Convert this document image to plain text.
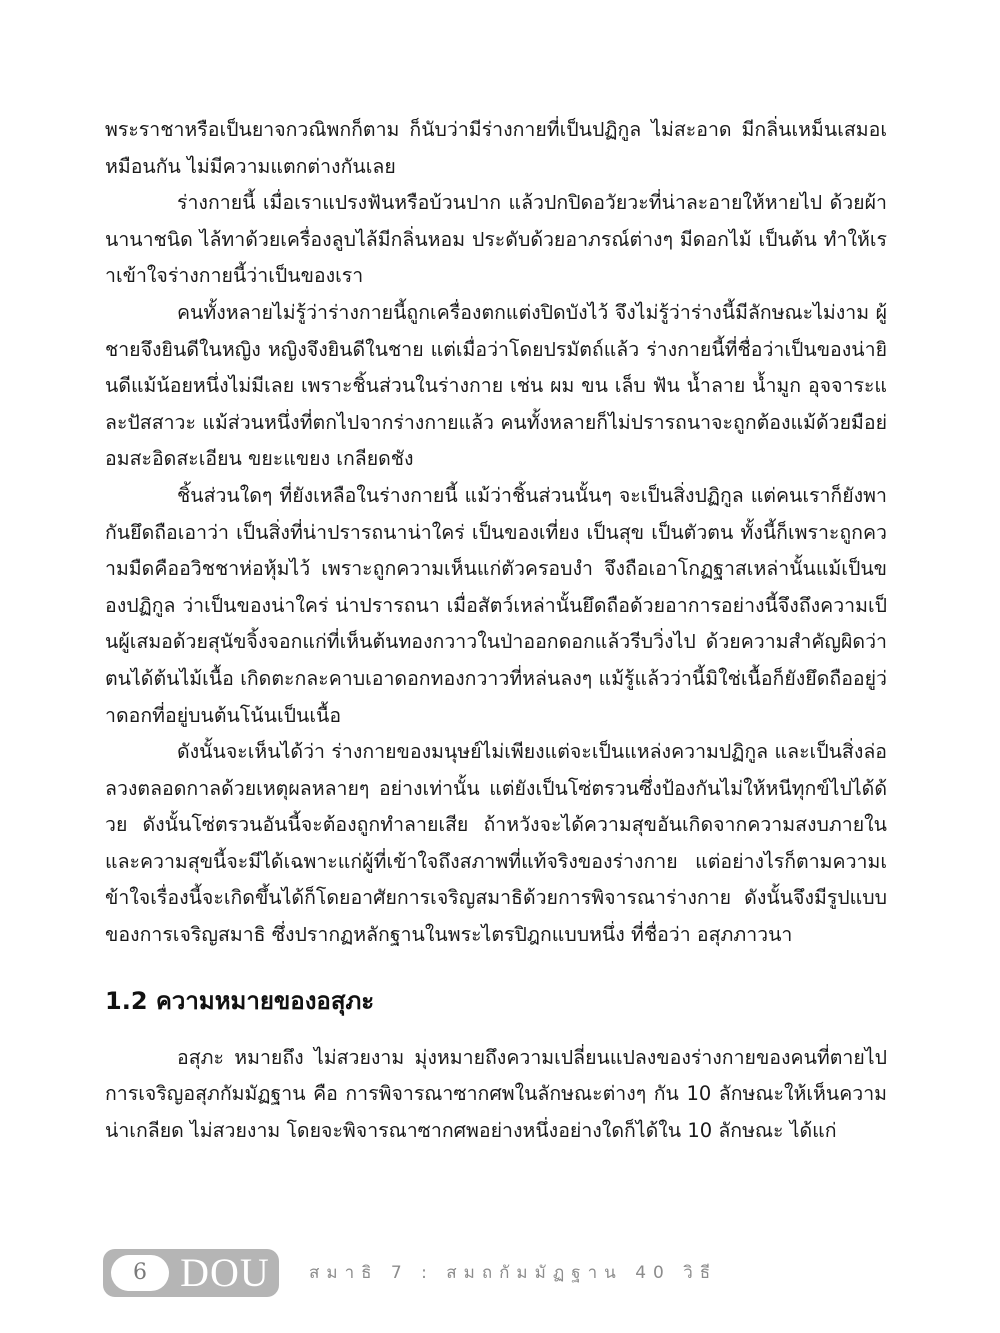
พระราชาหรือเป็นยาจกวณิพกก็ตาม ก็นับว่ามีร่างกายที่เป็นปฏิกูล ไม่สะอาด มีกลิ่นเหม็นเสมอเหมือนกัน ไม่มีความแตกต่างกันเลย

ร่างกายนี้ เมื่อเราแปรงฟันหรือบ้วนปาก แล้วปกปิดอวัยวะที่น่าละอายให้หายไป ด้วยผ้านานาชนิด ไล้ทาด้วยเครื่องลูบไล้มีกลิ่นหอม ประดับด้วยอาภรณ์ต่างๆ มีดอกไม้ เป็นต้น ทำให้เราเข้าใจร่างกายนี้ว่าเป็นของเรา

คนทั้งหลายไม่รู้ว่าร่างกายนี้ถูกเครื่องตกแต่งปิดบังไว้ จึงไม่รู้ว่าร่างนี้มีลักษณะไม่งาม ผู้ชายจึงยินดีในหญิง หญิงจึงยินดีในชาย แต่เมื่อว่าโดยปรมัตถ์แล้ว ร่างกายนี้ที่ชื่อว่าเป็นของน่ายินดีแม้น้อยหนึ่งไม่มีเลย เพราะชิ้นส่วนในร่างกาย เช่น ผม ขน เล็บ ฟัน น้ำลาย น้ำมูก อุจจาระและปัสสาวะ แม้ส่วนหนึ่งที่ตกไปจากร่างกายแล้ว คนทั้งหลายก็ไม่ปรารถนาจะถูกต้องแม้ด้วยมือย่อมสะอิดสะเอียน ขยะแขยง เกลียดชัง

ชิ้นส่วนใดๆ ที่ยังเหลือในร่างกายนี้ แม้ว่าชิ้นส่วนนั้นๆ จะเป็นสิ่งปฏิกูล แต่คนเราก็ยังพากันยึดถือเอาว่า เป็นสิ่งที่น่าปรารถนาน่าใคร่ เป็นของเที่ยง เป็นสุข เป็นตัวตน ทั้งนี้ก็เพราะถูกความมืดคืออวิชชาห่อหุ้มไว้ เพราะถูกความเห็นแก่ตัวครอบงำ จึงถือเอาโกฏฐาสเหล่านั้นแม้เป็นของปฏิกูล ว่าเป็นของน่าใคร่ น่าปรารถนา เมื่อสัตว์เหล่านั้นยึดถือด้วยอาการอย่างนี้จึงถึงความเป็นผู้เสมอด้วยสุนัขจิ้งจอกแก่ที่เห็นต้นทองกวาวในป่าออกดอกแล้วรีบวิ่งไป ด้วยความสำคัญผิดว่า ตนได้ต้นไม้เนื้อ เกิดตะกละคาบเอาดอกทองกวาวที่หล่นลงๆ แม้รู้แล้วว่านี้มิใช่เนื้อก็ยังยึดถืออยู่ว่าดอกที่อยู่บนต้นโน้นเป็นเนื้อ

ดังนั้นจะเห็นได้ว่า ร่างกายของมนุษย์ไม่เพียงแต่จะเป็นแหล่งความปฏิกูล และเป็นสิ่งล่อลวงตลอดกาลด้วยเหตุผลหลายๆ อย่างเท่านั้น แต่ยังเป็นโซ่ตรวนซึ่งป้องกันไม่ให้หนีทุกข์ไปได้ด้วย ดังนั้นโซ่ตรวนอันนี้จะต้องถูกทำลายเสีย ถ้าหวังจะได้ความสุขอันเกิดจากความสงบภายใน และความสุขนี้จะมีได้เฉพาะแก่ผู้ที่เข้าใจถึงสภาพที่แท้จริงของร่างกาย แต่อย่างไรก็ตามความเข้าใจเรื่องนี้จะเกิดขึ้นได้ก็โดยอาศัยการเจริญสมาธิด้วยการพิจารณาร่างกาย ดังนั้นจึงมีรูปแบบของการเจริญสมาธิ ซึ่งปรากฏหลักฐานในพระไตรปิฎกแบบหนึ่ง ที่ชื่อว่า อสุภภาวนา

1.2 ความหมายของอสุภะ

อสุภะ หมายถึง ไม่สวยงาม มุ่งหมายถึงความเปลี่ยนแปลงของร่างกายของคนที่ตายไป การเจริญอสุภกัมมัฏฐาน คือ การพิจารณาซากศพในลักษณะต่างๆ กัน 10 ลักษณะให้เห็นความน่าเกลียด ไม่สวยงาม โดยจะพิจารณาซากศพอย่างหนึ่งอย่างใดก็ได้ใน 10 ลักษณะ ได้แก่

6 DOU	สมาธิ 7 : สมถกัมมัฏฐาน 40 วิธี
